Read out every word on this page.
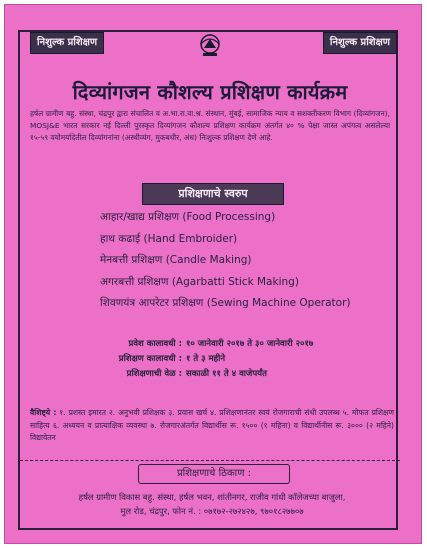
निशुल्क प्रशिक्षण	निशुल्क प्रशिक्षण
दिव्यांगजन कौशल्य प्रशिक्षण कार्यक्रम
हर्षल ग्रामीण बहु. संस्था, चंद्रपूर द्वारा संचालित व अ.भा.रा.वा.श्र. संस्थान, मुंबई, सामाजिक न्याय व सशक्तीकरण विभाग (दिव्यांगजन), MOSJ&E भारत सरकार नई दिल्ली पुरस्कृत दिव्यांगजन कौशल्य प्रशिक्षण कार्यक्रम अंतर्गत ४० % पेक्षा जास्त अपंगत्व असलेल्या १५-५९ वयोमर्यादेतील दिव्यांगनांना (अस्थीव्यंग, मुकबधीर, अंध) निःशुल्क प्रशिक्षण देणे आहे.
प्रशिक्षणाचे स्वरुप
आहार/खाद्य प्रशिक्षण (Food Processing)
हाथ कढाई (Hand Embroider)
मेनबत्ती प्रशिक्षण (Candle Making)
अगरबत्ती प्रशिक्षण (Agarbatti Stick Making)
शिवणयंत्र आपरेटर प्रशिक्षण (Sewing Machine Operator)
प्रवेश कालावधी : १० जानेवारी २०१७ ते ३० जानेवारी २०१७
प्रशिक्षण कालावधी : १ ते ३ महीने
प्रशिक्षणाची वेळ : सकाळी ११ ते ४ वाजेपर्यंत
वैशिष्ट्ये : १. प्रशस्त इमारत २. अनुभवी प्रशिक्षक ३. प्रवास खर्च ४. प्रशिक्षणानंतर स्वयं रोजगाराची संधी उपलब्ध ५. मोफत प्रशिक्षण साहित्य ६. अध्ययन व प्रात्याक्षिक व्यवस्था ७. रोजगारअंतर्गत विद्यार्थीस रू. १५०० (१ महिना) व विद्यार्थीनीस रू. ३००० (२ महिने) विद्यावेतन
प्रशिक्षणाचे ठिकाण :
हर्षल ग्रामीण विकास बहु. संस्था, हर्षल भवन, शांतीनगर, राजीव गांधी कॉलेजच्या बाजुला,
मुल रोड, चंद्रपुर, फोन नं. : ०७१७२-२७२४२७, ९७०१८२७७०७
